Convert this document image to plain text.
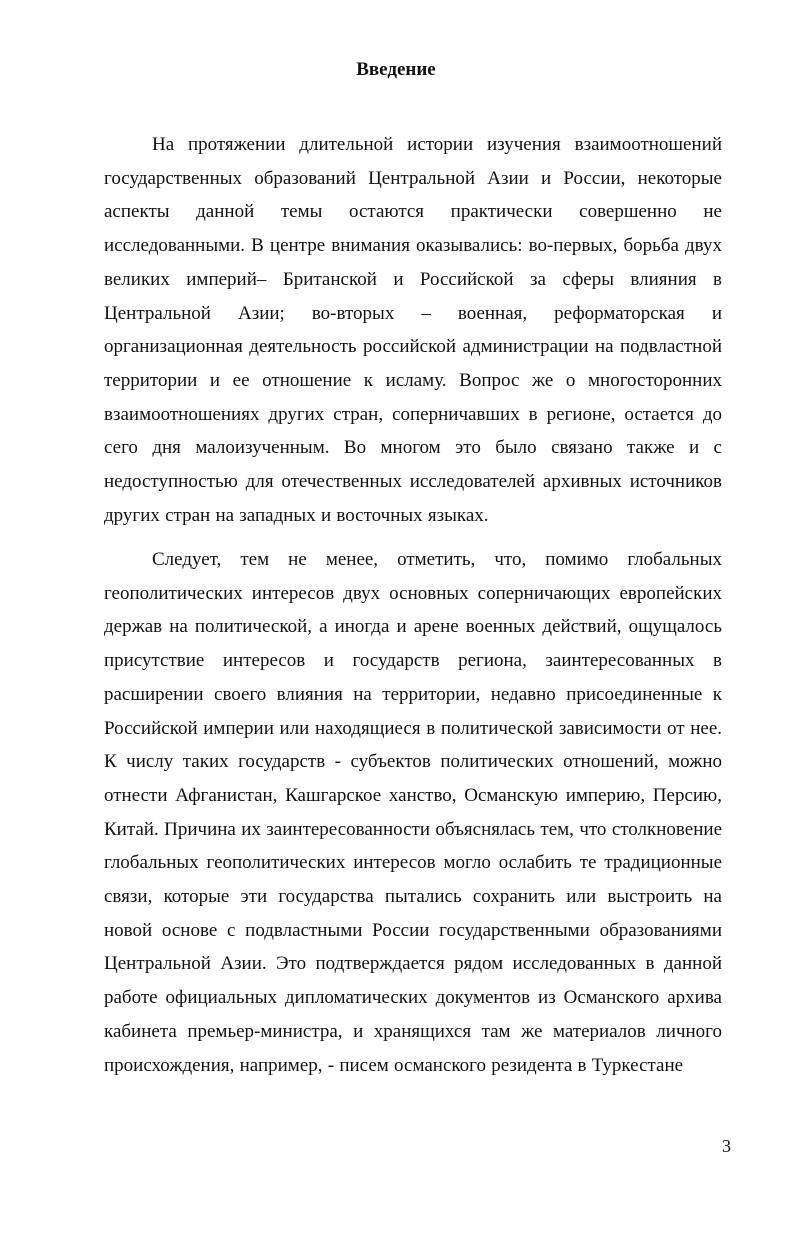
Введение

На протяжении длительной истории изучения взаимоотношений государственных образований Центральной Азии и России, некоторые аспекты данной темы остаются практически совершенно не исследованными. В центре внимания оказывались: во-первых, борьба двух великих империй– Британской и Российской за сферы влияния в Центральной Азии; во-вторых – военная, реформаторская и организационная деятельность российской администрации на подвластной территории и ее отношение к исламу. Вопрос же о многосторонних взаимоотношениях других стран, соперничавших в регионе, остается до сего дня малоизученным. Во многом это было связано также и с недоступностью для отечественных исследователей архивных источников других стран на западных и восточных языках.

Следует, тем не менее, отметить, что, помимо глобальных геополитических интересов двух основных соперничающих европейских держав на политической, а иногда и арене военных действий, ощущалось присутствие интересов и государств региона, заинтересованных в расширении своего влияния на территории, недавно присоединенные к Российской империи или находящиеся в политической зависимости от нее. К числу таких государств - субъектов политических отношений, можно отнести Афганистан, Кашгарское ханство, Османскую империю, Персию, Китай. Причина их заинтересованности объяснялась тем, что столкновение глобальных геополитических интересов могло ослабить те традиционные связи, которые эти государства пытались сохранить или выстроить на новой основе с подвластными России государственными образованиями Центральной Азии. Это подтверждается рядом исследованных в данной работе официальных дипломатических документов из Османского архива кабинета премьер-министра, и хранящихся там же материалов личного происхождения, например, - писем османского резидента в Туркестане

3
